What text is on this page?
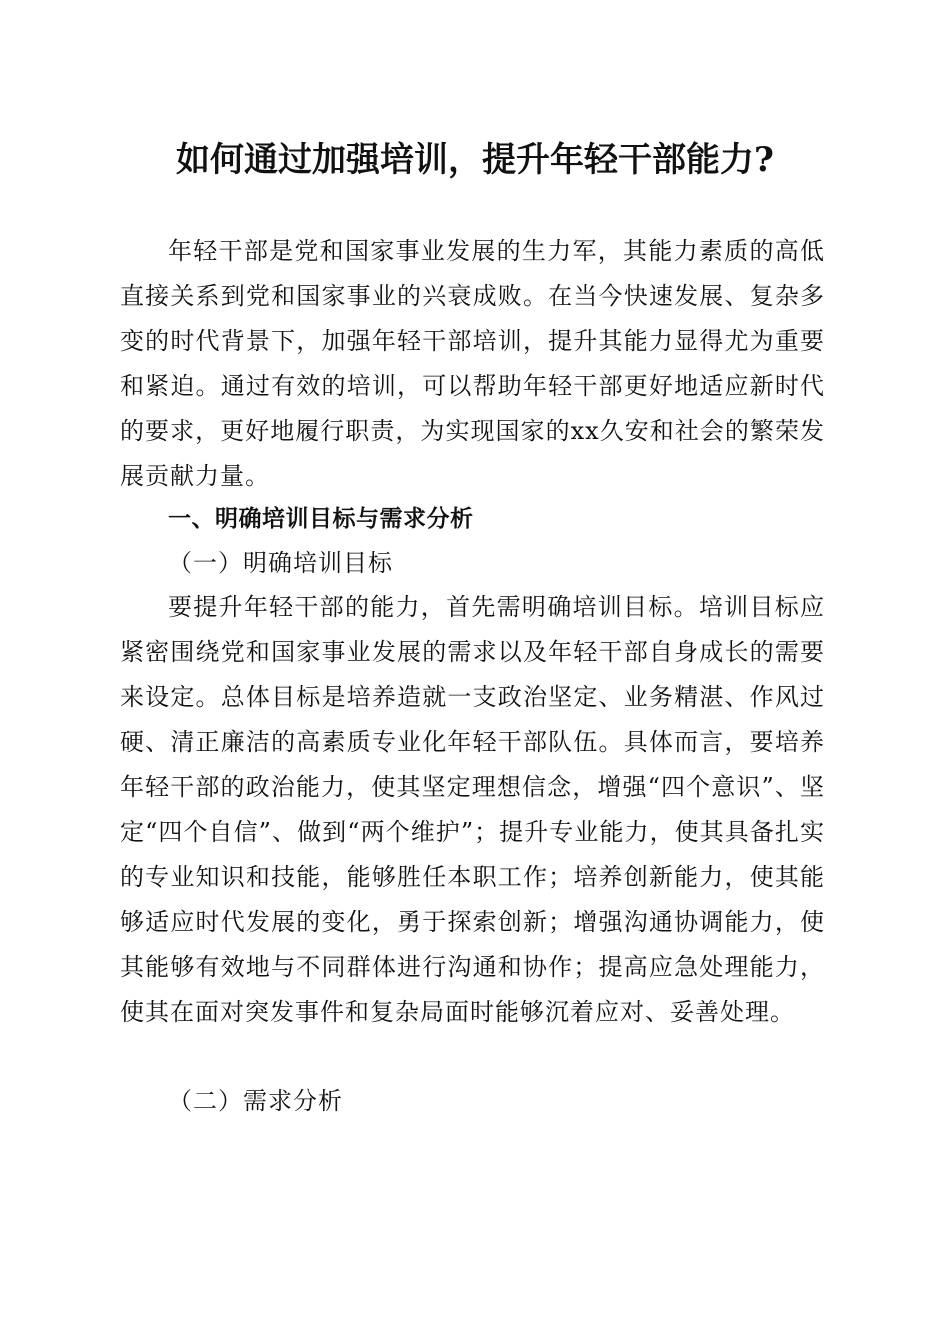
如何通过加强培训，提升年轻干部能力?

年轻干部是党和国家事业发展的生力军，其能力素质的高低直接关系到党和国家事业的兴衰成败。在当今快速发展、复杂多变的时代背景下，加强年轻干部培训，提升其能力显得尤为重要和紧迫。通过有效的培训，可以帮助年轻干部更好地适应新时代的要求，更好地履行职责，为实现国家的xx久安和社会的繁荣发展贡献力量。

一、明确培训目标与需求分析
（一）明确培训目标

要提升年轻干部的能力，首先需明确培训目标。培训目标应紧密围绕党和国家事业发展的需求以及年轻干部自身成长的需要来设定。总体目标是培养造就一支政治坚定、业务精湛、作风过硬、清正廉洁的高素质专业化年轻干部队伍。具体而言，要培养年轻干部的政治能力，使其坚定理想信念，增强“四个意识”、坚定“四个自信”、做到“两个维护”；提升专业能力，使其具备扎实的专业知识和技能，能够胜任本职工作；培养创新能力，使其能够适应时代发展的变化，勇于探索创新；增强沟通协调能力，使其能够有效地与不同群体进行沟通和协作；提高应急处理能力，使其在面对突发事件和复杂局面时能够沉着应对、妥善处理。

（二）需求分析
